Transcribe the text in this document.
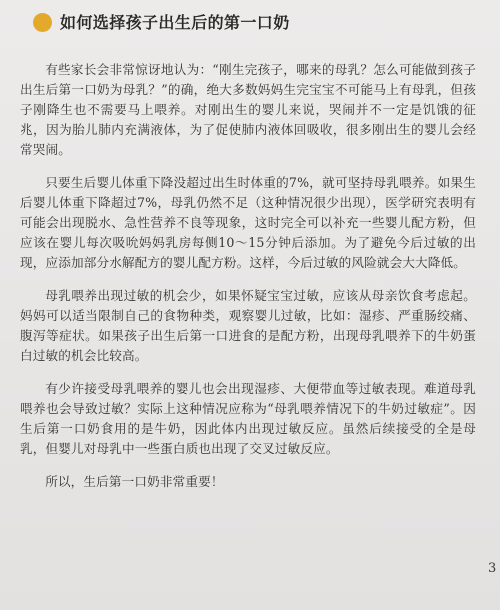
如何选择孩子出生后的第一口奶

有些家长会非常惊讶地认为：“刚生完孩子，哪来的母乳？怎么可能做到孩子出生后第一口奶为母乳？”的确，绝大多数妈妈生完宝宝不可能马上有母乳，但孩子刚降生也不需要马上喂养。对刚出生的婴儿来说，哭闹并不一定是饥饿的征兆，因为胎儿肺内充满液体，为了促使肺内液体回吸收，很多刚出生的婴儿会经常哭闹。

只要生后婴儿体重下降没超过出生时体重的7%，就可坚持母乳喂养。如果生后婴儿体重下降超过7%，母乳仍然不足（这种情况很少出现），医学研究表明有可能会出现脱水、急性营养不良等现象，这时完全可以补充一些婴儿配方粉，但应该在婴儿每次吸吮妈妈乳房每侧10～15分钟后添加。为了避免今后过敏的出现，应添加部分水解配方的婴儿配方粉。这样，今后过敏的风险就会大大降低。

母乳喂养出现过敏的机会少，如果怀疑宝宝过敏，应该从母亲饮食考虑起。妈妈可以适当限制自己的食物种类，观察婴儿过敏，比如：湿疹、严重肠绞痛、腹泻等症状。如果孩子出生后第一口进食的是配方粉，出现母乳喂养下的牛奶蛋白过敏的机会比较高。

有少许接受母乳喂养的婴儿也会出现湿疹、大便带血等过敏表现。难道母乳喂养也会导致过敏？实际上这种情况应称为“母乳喂养情况下的牛奶过敏症”。因生后第一口奶食用的是牛奶，因此体内出现过敏反应。虽然后续接受的全是母乳，但婴儿对母乳中一些蛋白质也出现了交叉过敏反应。

所以，生后第一口奶非常重要！

3
